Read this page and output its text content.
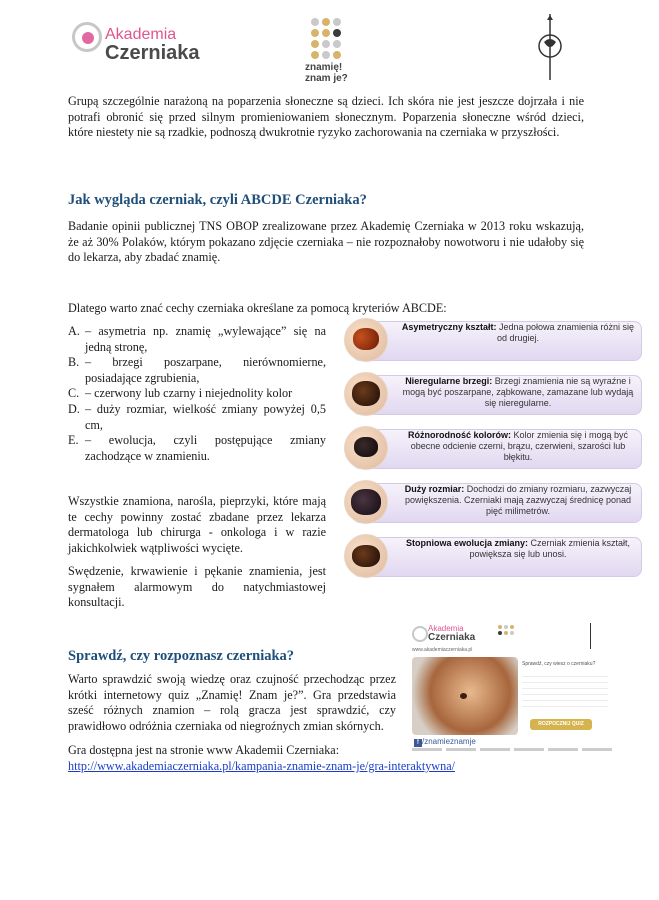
Akademia
Czerniaka
znamię!
znam je?

Grupą szczególnie narażoną na poparzenia słoneczne są dzieci. Ich skóra nie jest jeszcze dojrzała i nie potrafi obronić się przed silnym promieniowaniem słonecznym. Poparzenia słoneczne wśród dzieci, które niestety nie są rzadkie, podnoszą dwukrotnie ryzyko zachorowania na czerniaka w przyszłości.

Jak wygląda czerniak, czyli ABCDE Czerniaka?

Badanie opinii publicznej TNS OBOP zrealizowane przez Akademię Czerniaka w 2013 roku wskazują, że aż 30% Polaków, którym pokazano zdjęcie czerniaka – nie rozpoznałoby nowotworu i nie udałoby się do lekarza, aby zbadać znamię.

Dlatego warto znać cechy czerniaka określane za pomocą kryteriów ABCDE:

A. – asymetria np. znamię „wylewające” się na jedną stronę,
B. – brzegi poszarpane, nierównomierne, posiadające zgrubienia,
C. – czerwony lub czarny i niejednolity kolor
D. – duży rozmiar, wielkość zmiany powyżej 0,5 cm,
E. – ewolucja, czyli postępujące zmiany zachodzące w znamieniu.

Wszystkie znamiona, narośla, pieprzyki, które mają te cechy powinny zostać zbadane przez lekarza dermatologa lub chirurga - onkologa i w razie jakichkolwiek wątpliwości wycięte.

Swędzenie, krwawienie i pękanie znamienia, jest sygnałem alarmowym do natychmiastowej konsultacji.

Asymetryczny kształt: Jedna połowa znamienia różni się od drugiej.
Nieregularne brzegi: Brzegi znamienia nie są wyraźne i mogą być poszarpane, ząbkowane, zamazane lub wydają się nieregularne.
Różnorodność kolorów: Kolor zmienia się i mogą być obecne odcienie czerni, brązu, czerwieni, szarości lub błękitu.
Duży rozmiar: Dochodzi do zmiany rozmiaru, zazwyczaj powiększenia. Czerniaki mają zazwyczaj średnicę ponad pięć milimetrów.
Stopniowa ewolucja zmiany: Czerniak zmienia kształt, powiększa się lub unosi.
Sprawdź, czy rozpoznasz czerniaka?

Warto sprawdzić swoją wiedzę oraz czujność przechodząc przez krótki internetowy quiz „Znamię! Znam je?”. Gra przedstawia sześć różnych znamion – rolą gracza jest sprawdzić, czy prawidłowo odróżnia czerniaka od niegroźnych zmian skórnych.

Gra dostępna jest na stronie www Akademii Czerniaka:

http://www.akademiaczerniaka.pl/kampania-znamie-znam-je/gra-interaktywna/
Akademia
Czerniaka
www.akademiaczerniaka.pl
Sprawdź, czy wiesz o czerniaku?
ROZPOCZNIJ QUIZ
f /znamieznamje
